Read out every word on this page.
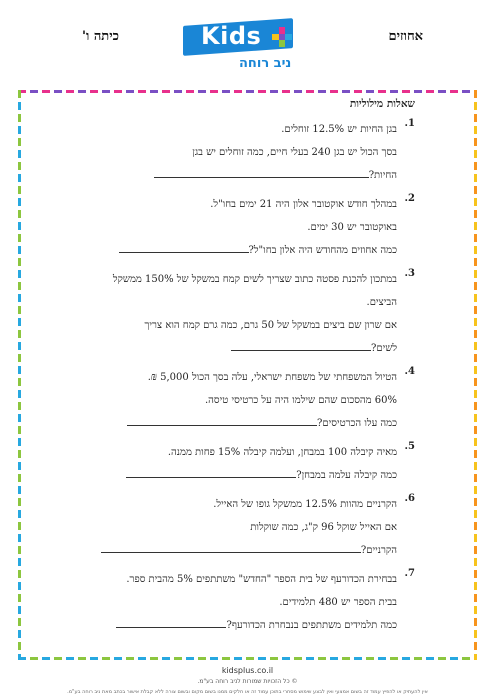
כיתה ו'	Kids
ניב רוחה
אחוזים
שאלות מילוליות
1.
בגן החיות יש 12.5% זוחלים.
בסך הכול יש בגן 240 בעלי חיים, כמה זוחלים יש בגן
החיות?
2.
במהלך חודש אוקטובר אלון היה 21 ימים בחו"ל.
באוקטובר יש 30 ימים.
כמה אחוזים מהחודש היה אלון בחו"ל?
3.
במתכון להכנת פסטה כתוב שצריך לשים קמח במשקל של 150% ממשקל
הביצים.
אם שרון שם ביצים במשקל של 50 גרם, כמה גרם קמח הוא צריך
לשים?
4.
הטיול המשפחתי של משפחת ישראלי, עלה בסך הכול 5,000 ₪.
60% מהסכום שהם שילמו היה על כרטיסי טיסה.
כמה עלו הכרטיסים?
5.
מאיה קיבלה 100 במבחן, ועלמה קיבלה 15% פחות ממנה.
כמה קיבלה עלמה במבחן?
6.
הקרניים מהוות 12.5% ממשקל גופו של האייל.
אם האייל שוקל 96 ק"ג, כמה שוקלות
הקרניים?
7.
בבחירת הכדורעף של בית הספר "החדש" משתתפים 5% מהבית ספר.
בבית הספר יש 480 תלמידים.
כמה תלמידים משתתפים בנבחרת הכדורעף?
kidsplus.co.il
© כל הזכויות שמורות לניב רוחה בע"מ.
אין להעתיק או להפיץ עמוד זה בשום אמצעי ואין לבצע שימוש מסחרי בתוכן עמוד זה או חלקים ממנו בשום מקום ובשום צורה ללא קבלת אישור בכתב מאת ניב רוחה בע"מ.
